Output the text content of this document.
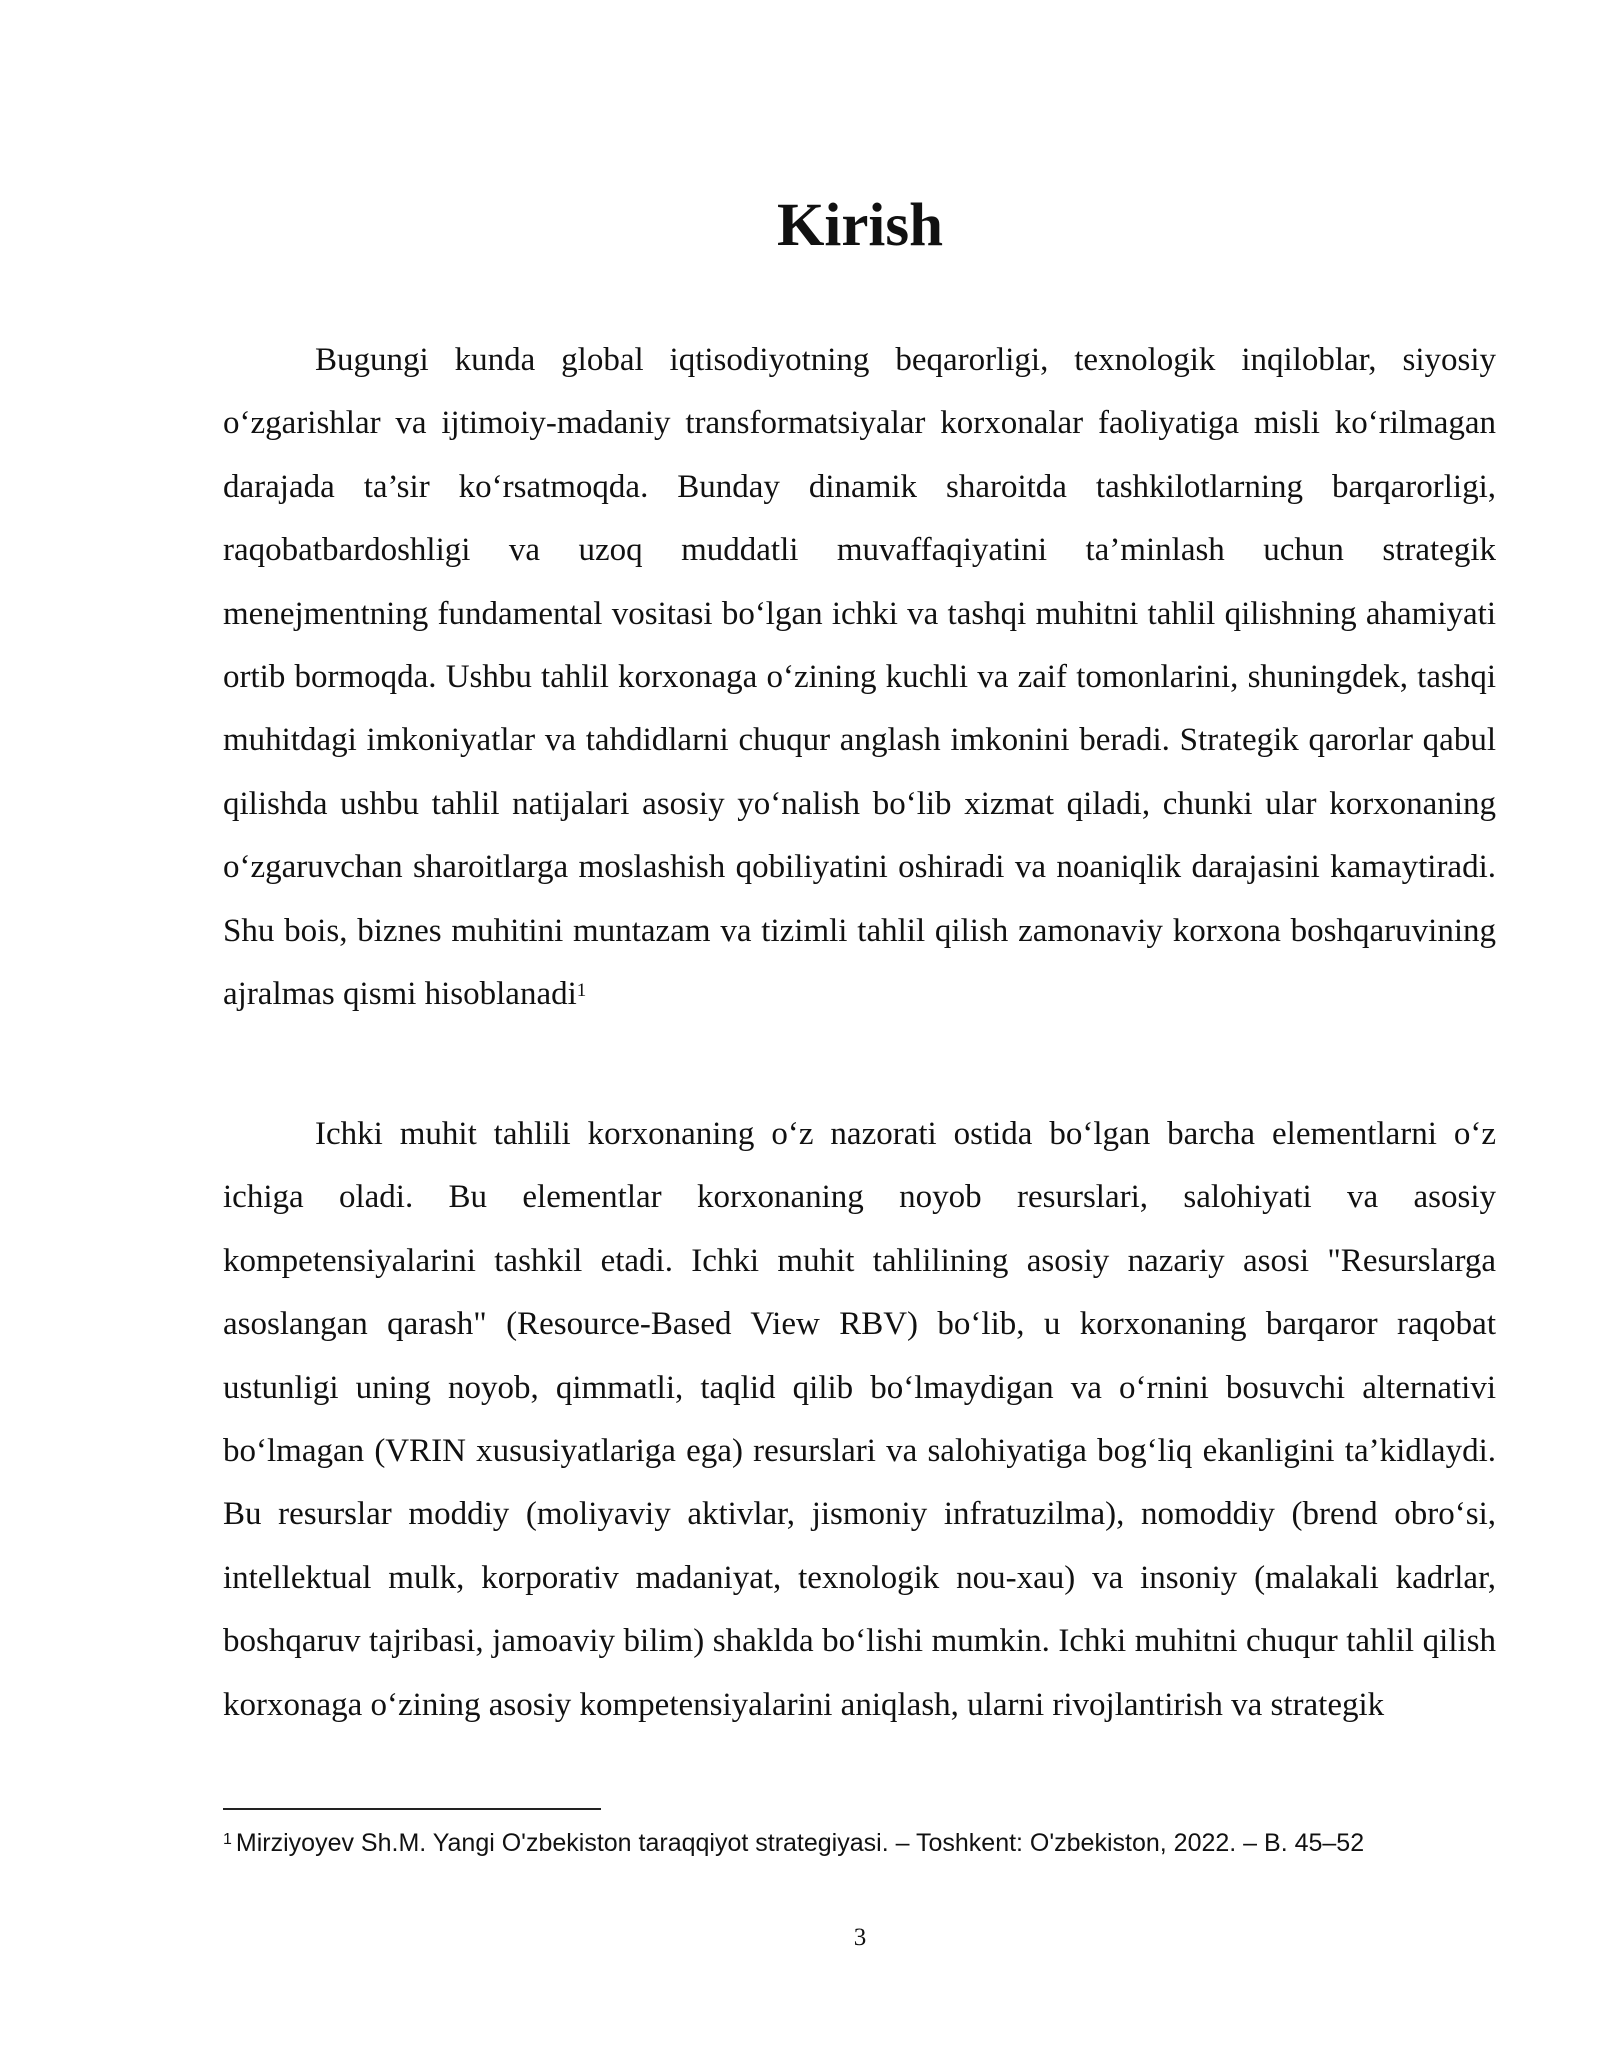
Kirish

Bugungi kunda global iqtisodiyotning beqarorligi, texnologik inqiloblar, siyosiy o‘zgarishlar va ijtimoiy-madaniy transformatsiyalar korxonalar faoliyatiga misli ko‘rilmagan darajada ta’sir ko‘rsatmoqda. Bunday dinamik sharoitda tashkilotlarning barqarorligi, raqobatbardoshligi va uzoq muddatli muvaffaqiyatini ta’minlash uchun strategik menejmentning fundamental vositasi bo‘lgan ichki va tashqi muhitni tahlil qilishning ahamiyati ortib bormoqda. Ushbu tahlil korxonaga o‘zining kuchli va zaif tomonlarini, shuningdek, tashqi muhitdagi imkoniyatlar va tahdidlarni chuqur anglash imkonini beradi. Strategik qarorlar qabul qilishda ushbu tahlil natijalari asosiy yo‘nalish bo‘lib xizmat qiladi, chunki ular korxonaning o‘zgaruvchan sharoitlarga moslashish qobiliyatini oshiradi va noaniqlik darajasini kamaytiradi. Shu bois, biznes muhitini muntazam va tizimli tahlil qilish zamonaviy korxona boshqaruvining ajralmas qismi hisoblanadi$^1$

Ichki muhit tahlili korxonaning o‘z nazorati ostida bo‘lgan barcha elementlarni o‘z ichiga oladi. Bu elementlar korxonaning noyob resurslari, salohiyati va asosiy kompetensiyalarini tashkil etadi. Ichki muhit tahlilining asosiy nazariy asosi "Resurslarga asoslangan qarash" (Resource-Based View RBV) bo‘lib, u korxonaning barqaror raqobat ustunligi uning noyob, qimmatli, taqlid qilib bo‘lmaydigan va o‘rnini bosuvchi alternativi bo‘lmagan (VRIN xususiyatlariga ega) resurslari va salohiyatiga bog‘liq ekanligini ta’kidlaydi. Bu resurslar moddiy (moliyaviy aktivlar, jismoniy infratuzilma), nomoddiy (brend obro‘si, intellektual mulk, korporativ madaniyat, texnologik nou-xau) va insoniy (malakali kadrlar, boshqaruv tajribasi, jamoaviy bilim) shaklda bo‘lishi mumkin. Ichki muhitni chuqur tahlil qilish korxonaga o‘zining asosiy kompetensiyalarini aniqlash, ularni rivojlantirish va strategik

$^1$ Mirziyoyev Sh.M. Yangi O'zbekiston taraqqiyot strategiyasi. – Toshkent: O'zbekiston, 2022. – B. 45–52

3
